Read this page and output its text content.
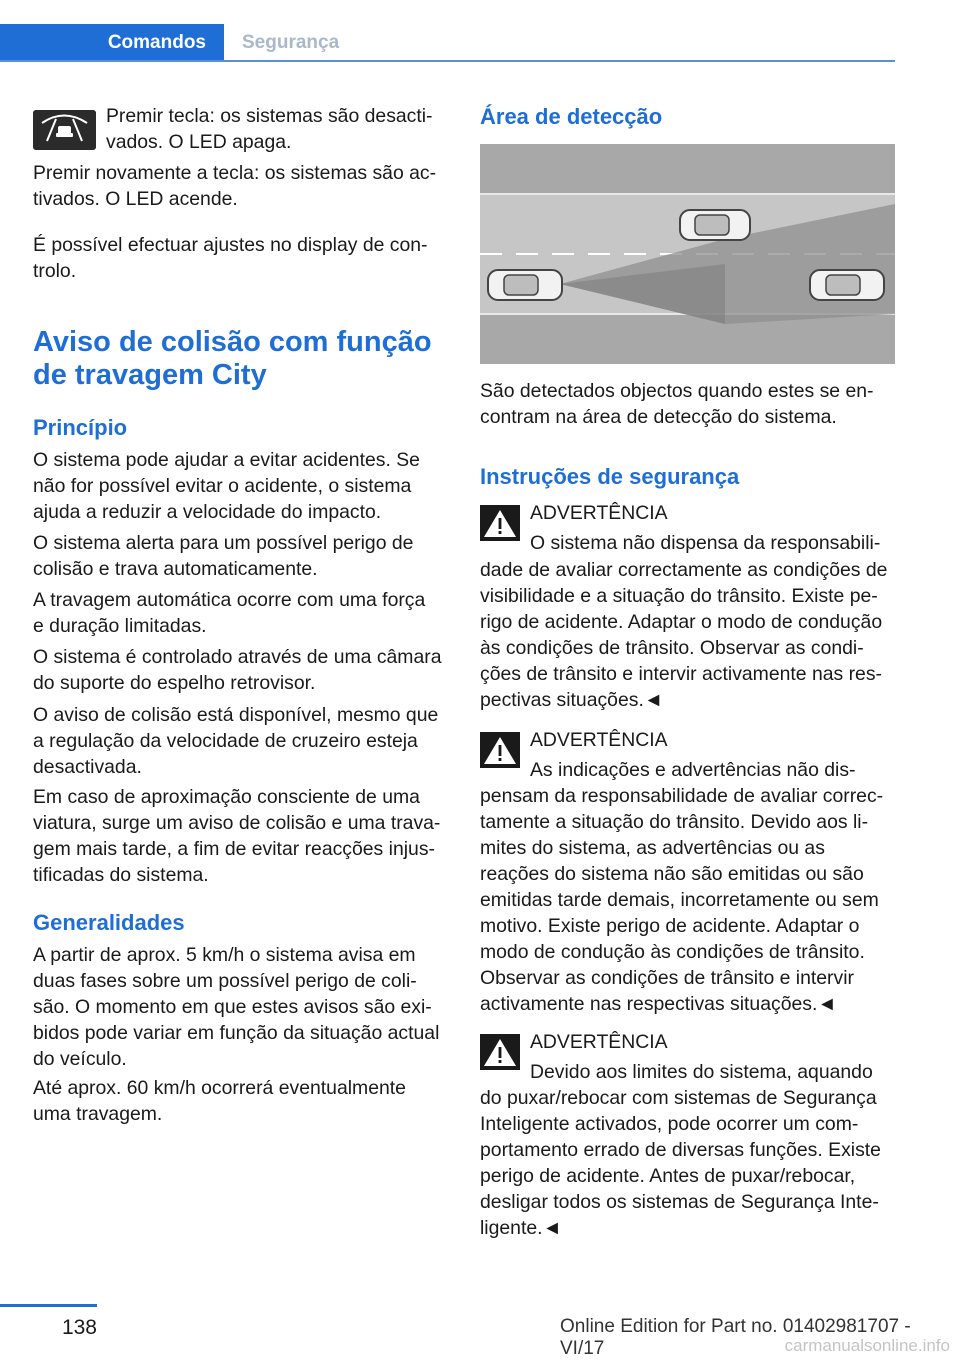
Comandos	Segurança

Premir tecla: os sistemas são desacti-
vados. O LED apaga.

Premir novamente a tecla: os sistemas são ac-
tivados. O LED acende.

É possível efectuar ajustes no display de con-
trolo.

Aviso de colisão com função de travagem City
Princípio

O sistema pode ajudar a evitar acidentes. Se
não for possível evitar o acidente, o sistema
ajuda a reduzir a velocidade do impacto.

O sistema alerta para um possível perigo de
colisão e trava automaticamente.

A travagem automática ocorre com uma força
e duração limitadas.

O sistema é controlado através de uma câmara
do suporte do espelho retrovisor.

O aviso de colisão está disponível, mesmo que
a regulação da velocidade de cruzeiro esteja
desactivada.

Em caso de aproximação consciente de uma
viatura, surge um aviso de colisão e uma trava-
gem mais tarde, a fim de evitar reacções injus-
tificadas do sistema.

Generalidades

A partir de aprox. 5 km/h o sistema avisa em
duas fases sobre um possível perigo de coli-
são. O momento em que estes avisos são exi-
bidos pode variar em função da situação actual
do veículo.

Até aprox. 60 km/h ocorrerá eventualmente
uma travagem.

Área de detecção

São detectados objectos quando estes se en-
contram na área de detecção do sistema.

Instruções de segurança

ADVERTÊNCIA

O sistema não dispensa da responsabili-

dade de avaliar correctamente as condições de
visibilidade e a situação do trânsito. Existe pe-
rigo de acidente. Adaptar o modo de condução
às condições de trânsito. Observar as condi-
ções de trânsito e intervir activamente nas res-
pectivas situações.◄

ADVERTÊNCIA

As indicações e advertências não dis-

pensam da responsabilidade de avaliar correc-
tamente a situação do trânsito. Devido aos li-
mites do sistema, as advertências ou as
reações do sistema não são emitidas ou são
emitidas tarde demais, incorretamente ou sem
motivo. Existe perigo de acidente. Adaptar o
modo de condução às condições de trânsito.
Observar as condições de trânsito e intervir
activamente nas respectivas situações.◄

ADVERTÊNCIA

Devido aos limites do sistema, aquando

do puxar/rebocar com sistemas de Segurança
Inteligente activados, pode ocorrer um com-
portamento errado de diversas funções. Existe
perigo de acidente. Antes de puxar/rebocar,
desligar todos os sistemas de Segurança Inte-
ligente.◄

138	Online Edition for Part no. 01402981707 - VI/17	carmanualsonline.info
